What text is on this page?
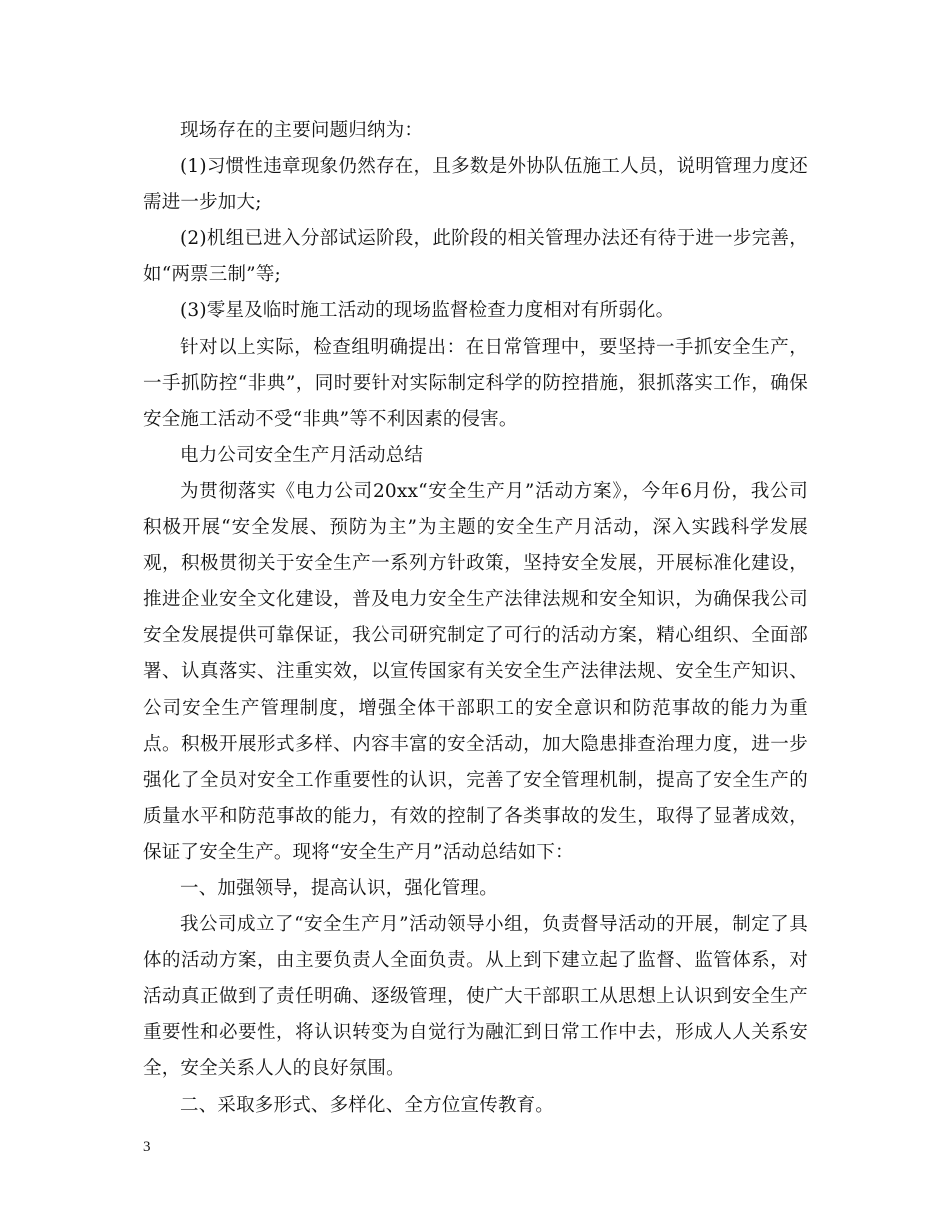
现场存在的主要问题归纳为：

(1)习惯性违章现象仍然存在，且多数是外协队伍施工人员，说明管理力度还需进一步加大;

(2)机组已进入分部试运阶段，此阶段的相关管理办法还有待于进一步完善，如“两票三制”等;

(3)零星及临时施工活动的现场监督检查力度相对有所弱化。

针对以上实际，检查组明确提出：在日常管理中，要坚持一手抓安全生产，一手抓防控“非典”，同时要针对实际制定科学的防控措施，狠抓落实工作，确保安全施工活动不受“非典”等不利因素的侵害。

电力公司安全生产月活动总结

为贯彻落实《电力公司20xx“安全生产月”活动方案》，今年6月份，我公司积极开展“安全发展、预防为主”为主题的安全生产月活动，深入实践科学发展观，积极贯彻关于安全生产一系列方针政策，坚持安全发展，开展标准化建设，推进企业安全文化建设，普及电力安全生产法律法规和安全知识，为确保我公司安全发展提供可靠保证，我公司研究制定了可行的活动方案，精心组织、全面部署、认真落实、注重实效，以宣传国家有关安全生产法律法规、安全生产知识、公司安全生产管理制度，增强全体干部职工的安全意识和防范事故的能力为重点。积极开展形式多样、内容丰富的安全活动，加大隐患排查治理力度，进一步强化了全员对安全工作重要性的认识，完善了安全管理机制，提高了安全生产的质量水平和防范事故的能力，有效的控制了各类事故的发生，取得了显著成效，保证了安全生产。现将“安全生产月”活动总结如下：

一、加强领导，提高认识，强化管理。

我公司成立了“安全生产月”活动领导小组，负责督导活动的开展，制定了具体的活动方案，由主要负责人全面负责。从上到下建立起了监督、监管体系，对活动真正做到了责任明确、逐级管理，使广大干部职工从思想上认识到安全生产重要性和必要性，将认识转变为自觉行为融汇到日常工作中去，形成人人关系安全，安全关系人人的良好氛围。

二、采取多形式、多样化、全方位宣传教育。

3
